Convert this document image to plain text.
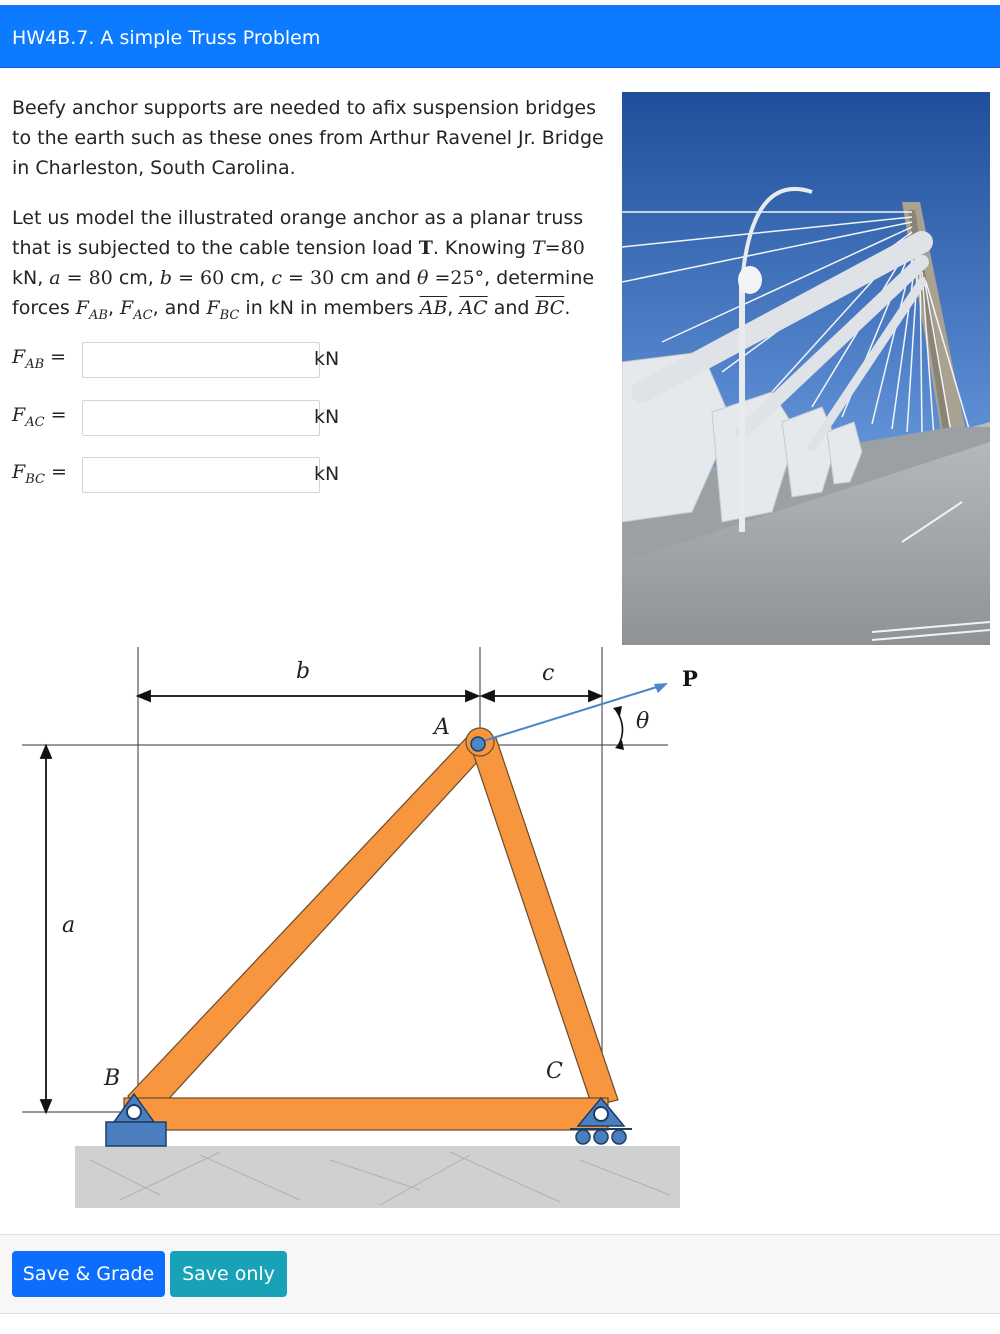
HW4B.7. A simple Truss Problem
Beefy anchor supports are needed to afix suspension bridges to the earth such as these ones from Arthur Ravenel Jr. Bridge in Charleston, South Carolina.
Let us model the illustrated orange anchor as a planar truss that is subjected to the cable tension load T. Knowing T=80 kN, a = 80 cm, b = 60 cm, c = 30 cm and θ =25°, determine forces $F_{AB}$, $F_{AC}$, and $F_{BC}$ in kN in members $\overline{AB}$, $\overline{AC}$ and $\overline{BC}$.
$F_{AB}$ =	kN
$F_{AC}$ =	kN
$F_{BC}$ =	kN
b	c
a
A
B	C
θ
P
Save & Grade	Save only
